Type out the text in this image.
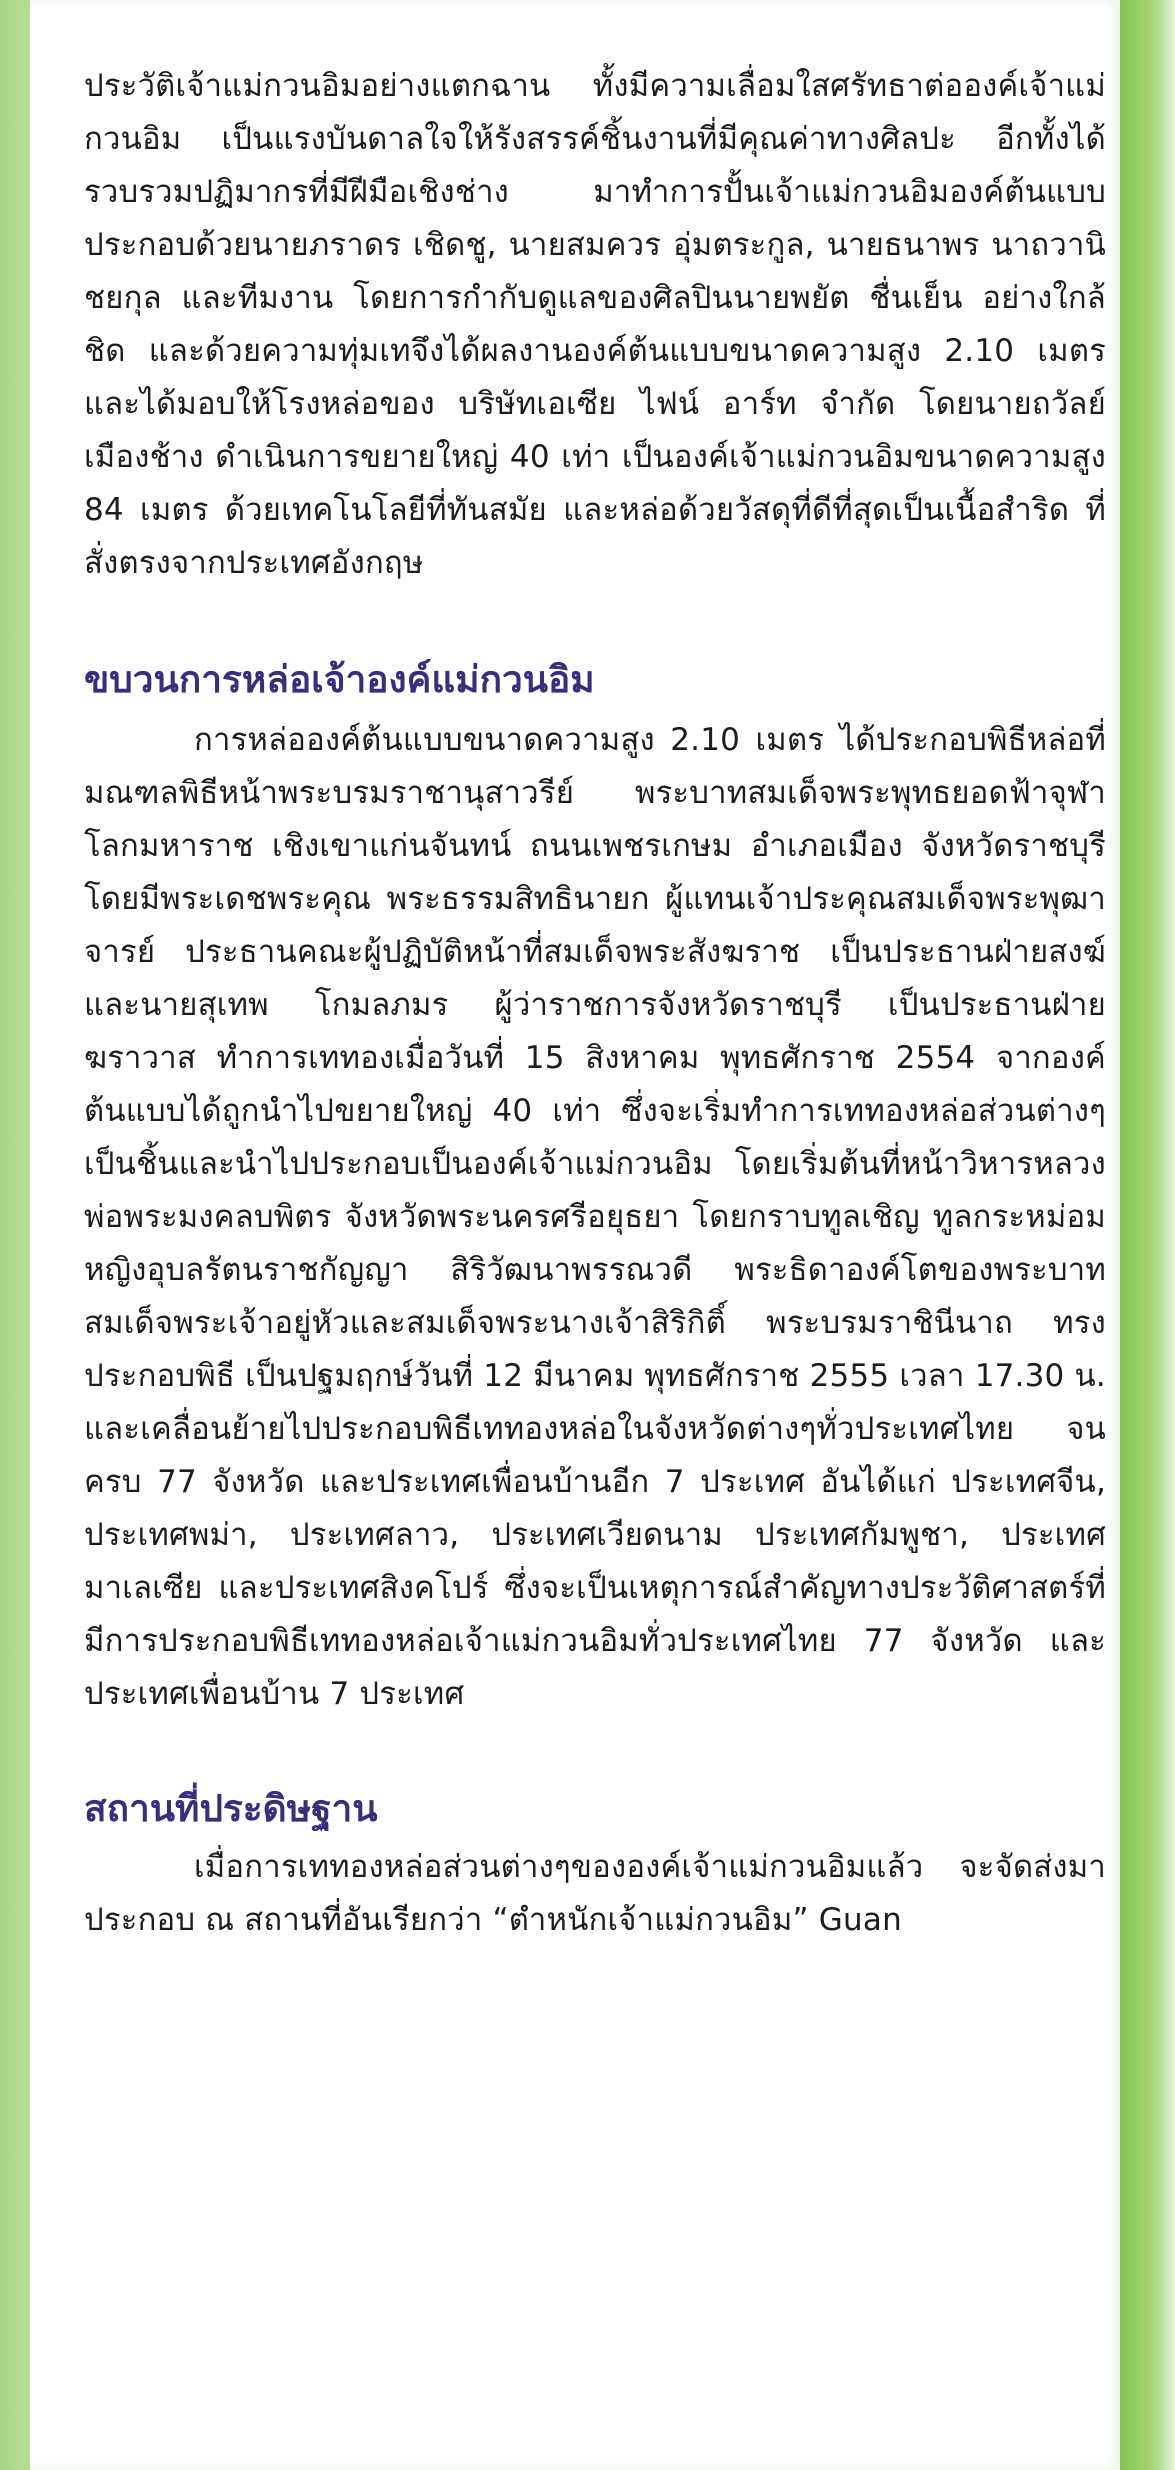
ประวัติเจ้าแม่กวนอิมอย่างแตกฉาน ทั้งมีความเลื่อมใสศรัทธาต่อองค์เจ้าแม่กวนอิม เป็นแรงบันดาลใจให้รังสรรค์ชิ้นงานที่มีคุณค่าทางศิลปะ อีกทั้งได้รวบรวมปฏิมากรที่มีฝีมือเชิงช่าง มาทำการปั้นเจ้าแม่กวนอิมองค์ต้นแบบ ประกอบด้วยนายภราดร เชิดชู, นายสมควร อุ่มตระกูล, นายธนาพร นาถวานิชยกุล และทีมงาน โดยการกำกับดูแลของศิลปินนายพยัต ชื่นเย็น อย่างใกล้ชิด และด้วยความทุ่มเทจึงได้ผลงานองค์ต้นแบบขนาดความสูง 2.10 เมตร และได้มอบให้โรงหล่อของ บริษัทเอเซีย ไฟน์ อาร์ท จำกัด โดยนายถวัลย์ เมืองช้าง ดำเนินการขยายใหญ่ 40 เท่า เป็นองค์เจ้าแม่กวนอิมขนาดความสูง 84 เมตร ด้วยเทคโนโลยีที่ทันสมัย และหล่อด้วยวัสดุที่ดีที่สุดเป็นเนื้อสำริด ที่สั่งตรงจากประเทศอังกฤษ

ขบวนการหล่อเจ้าองค์แม่กวนอิม

การหล่อองค์ต้นแบบขนาดความสูง 2.10 เมตร ได้ประกอบพิธีหล่อที่มณฑลพิธีหน้าพระบรมราชานุสาวรีย์ พระบาทสมเด็จพระพุทธยอดฟ้าจุฬาโลกมหาราช เชิงเขาแก่นจันทน์ ถนนเพชรเกษม อำเภอเมือง จังหวัดราชบุรี โดยมีพระเดชพระคุณ พระธรรมสิทธินายก ผู้แทนเจ้าประคุณสมเด็จพระพุฒาจารย์ ประธานคณะผู้ปฏิบัติหน้าที่สมเด็จพระสังฆราช เป็นประธานฝ่ายสงฆ์ และนายสุเทพ โกมลภมร ผู้ว่าราชการจังหวัดราชบุรี เป็นประธานฝ่ายฆราวาส ทำการเททองเมื่อวันที่ 15 สิงหาคม พุทธศักราช 2554 จากองค์ต้นแบบได้ถูกนำไปขยายใหญ่ 40 เท่า ซึ่งจะเริ่มทำการเททองหล่อส่วนต่างๆเป็นชิ้นและนำไปประกอบเป็นองค์เจ้าแม่กวนอิม โดยเริ่มต้นที่หน้าวิหารหลวงพ่อพระมงคลบพิตร จังหวัดพระนครศรีอยุธยา โดยกราบทูลเชิญ ทูลกระหม่อมหญิงอุบลรัตนราชกัญญา สิริวัฒนาพรรณวดี พระธิดาองค์โตของพระบาทสมเด็จพระเจ้าอยู่หัวและสมเด็จพระนางเจ้าสิริกิติ์ พระบรมราชินีนาถ ทรงประกอบพิธี เป็นปฐมฤกษ์วันที่ 12 มีนาคม พุทธศักราช 2555 เวลา 17.30 น. และเคลื่อนย้ายไปประกอบพิธีเททองหล่อในจังหวัดต่างๆทั่วประเทศไทย จนครบ 77 จังหวัด และประเทศเพื่อนบ้านอีก 7 ประเทศ อันได้แก่ ประเทศจีน, ประเทศพม่า, ประเทศลาว, ประเทศเวียดนาม ประเทศกัมพูชา, ประเทศมาเลเซีย และประเทศสิงคโปร์ ซึ่งจะเป็นเหตุการณ์สำคัญทางประวัติศาสตร์ที่มีการประกอบพิธีเททองหล่อเจ้าแม่กวนอิมทั่วประเทศไทย 77 จังหวัด และประเทศเพื่อนบ้าน 7 ประเทศ

สถานที่ประดิษฐาน

เมื่อการเททองหล่อส่วนต่างๆขององค์เจ้าแม่กวนอิมแล้ว จะจัดส่งมาประกอบ ณ สถานที่อันเรียกว่า “ตำหนักเจ้าแม่กวนอิม” Guan
